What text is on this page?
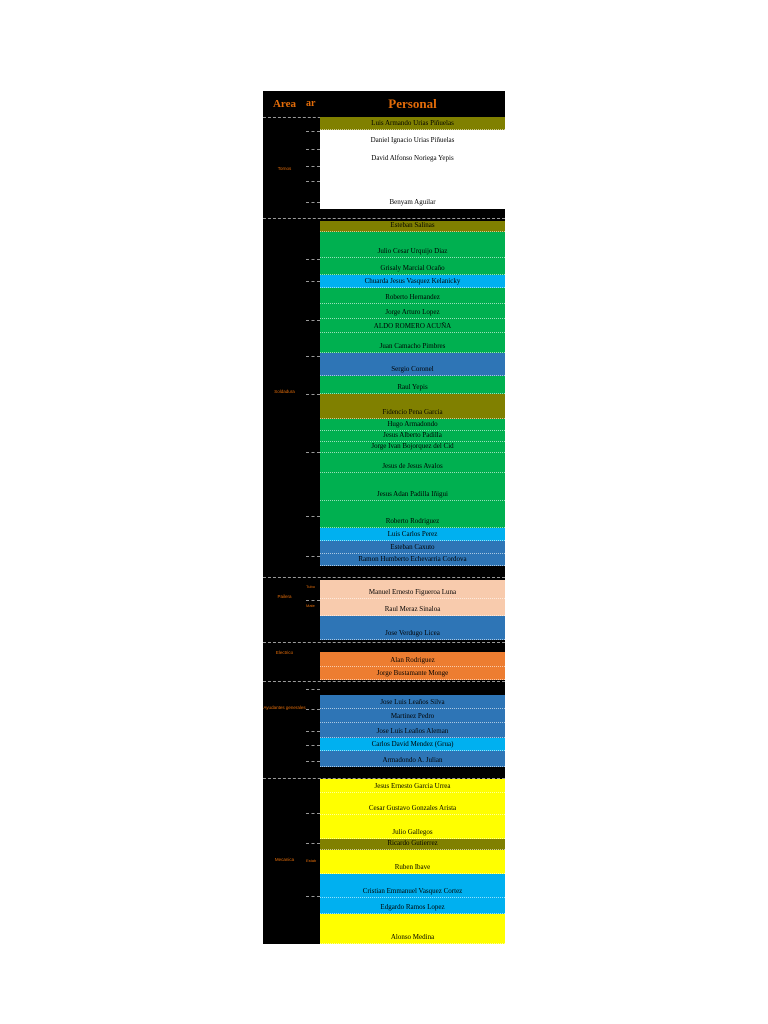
Area	ar	Personal
Tornos
Soldadura
Pailera
Electrico
Ayudantes generales
Mecanica
Tubo
Mate
Estab
Luis Armando Urias Piñuelas
Daniel Ignacio Urias Piñuelas
David Alfonso Noriega Yepis
Benyam Aguilar
Esteban Salinas
Julio Cesar Urquijo Diaz
Grisaly Marcial Ocaño
Chuarda Jesus Vasquez Kelanicky
Roberto Hernandez
Jorge Arturo Lopez
ALDO ROMERO ACUÑA
Juan Camacho Pimbres
Sergio Coronel
Raul Yepis
Fidencio Pena Garcia
Hugo Armadondo
Jesus Alberto Padilla
Jorge Ivan Bojorquez del Cid
Jesus de Jesus Avalos
Jesus Adan Padilla Iñigui
Roberto Rodriguez
Luis Carlos Perez
Esteban Caxuto
Ramon Humberto Echevarria Cordova
Manuel Ernesto Figueroa Luna
Raul Meraz Sinaloa
Jose Verdugo Licea
Alan Rodriguez
Jorge Bustamante Monge
Jose Luis Leaños Silva
Martinez Pedro
Jose Luis Leaños Aleman
Carlos David Mendez (Grua)
Armadondo A. Julian
Jesus Ernesto Garcia Urrea
Cesar Gustavo Gonzales Arista
Julio Gallegos
Ricardo Gutierrez
Ruben Ibave
Cristian Emmanuel Vasquez Cortez
Edgardo Ramos Lopez
Alonso Medina
